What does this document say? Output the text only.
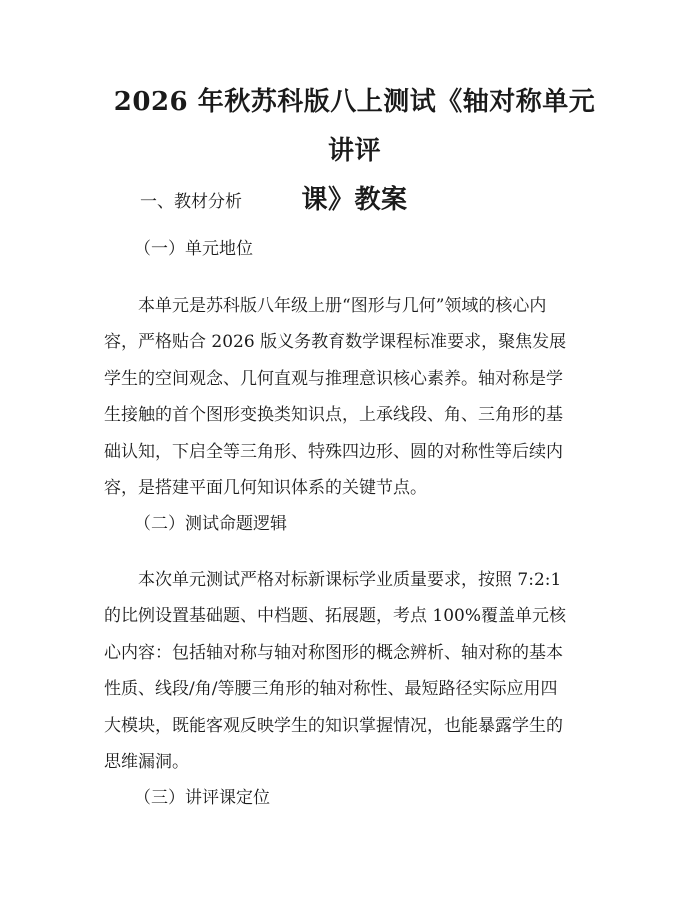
2026 年秋苏科版八上测试《轴对称单元讲评
课》教案

一、教材分析

（一）单元地位

本单元是苏科版八年级上册“图形与几何”领域的核心内
容，严格贴合 2026 版义务教育数学课程标准要求，聚焦发展
学生的空间观念、几何直观与推理意识核心素养。轴对称是学
生接触的首个图形变换类知识点，上承线段、角、三角形的基
础认知，下启全等三角形、特殊四边形、圆的对称性等后续内
容，是搭建平面几何知识体系的关键节点。

（二）测试命题逻辑

本次单元测试严格对标新课标学业质量要求，按照 7:2:1
的比例设置基础题、中档题、拓展题，考点 100%覆盖单元核
心内容：包括轴对称与轴对称图形的概念辨析、轴对称的基本
性质、线段/角/等腰三角形的轴对称性、最短路径实际应用四
大模块，既能客观反映学生的知识掌握情况，也能暴露学生的
思维漏洞。

（三）讲评课定位
